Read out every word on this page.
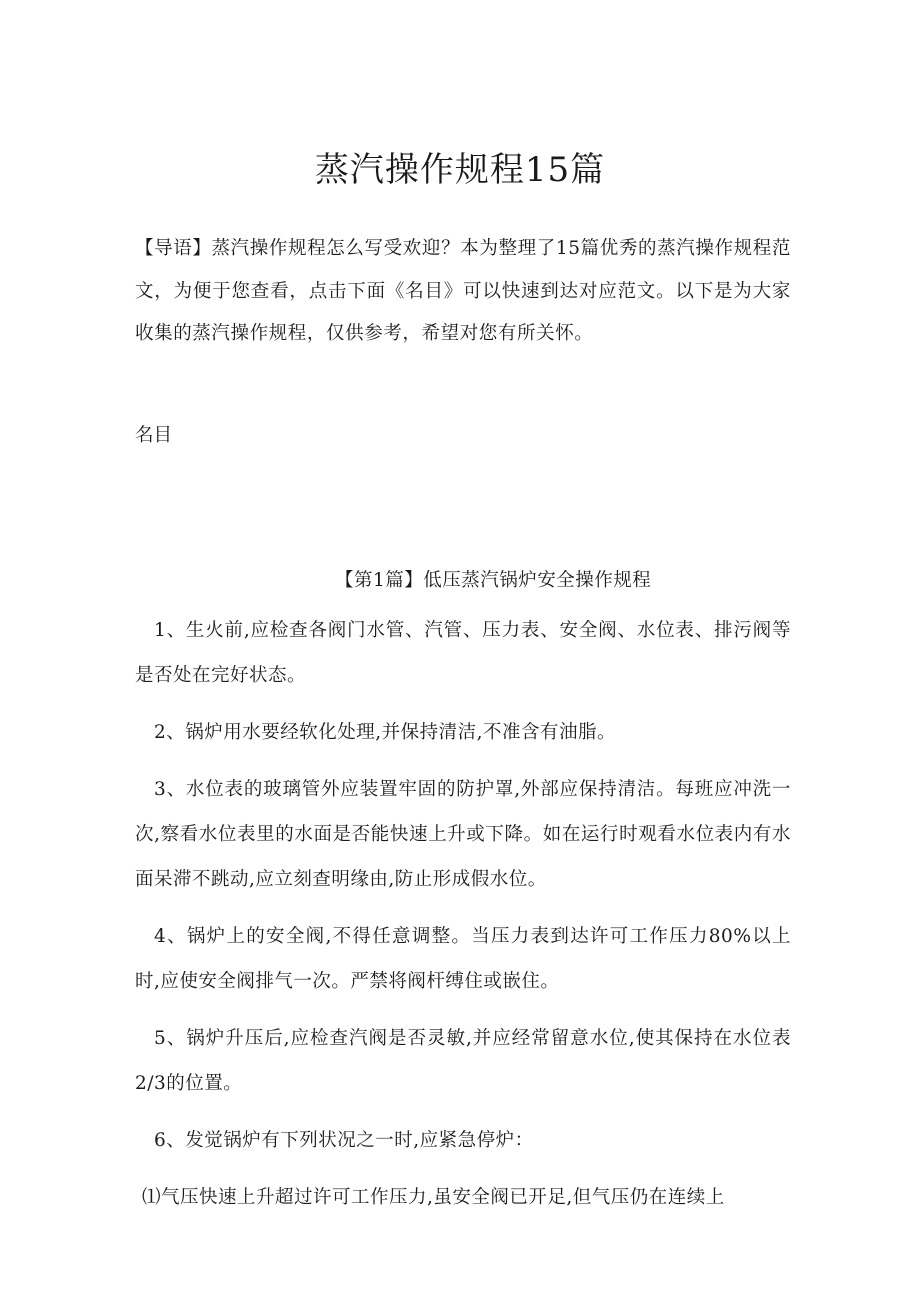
蒸汽操作规程15篇
【导语】蒸汽操作规程怎么写受欢迎？本为整理了15篇优秀的蒸汽操作规程范文，为便于您查看，点击下面《名目》可以快速到达对应范文。以下是为大家收集的蒸汽操作规程，仅供参考，希望对您有所关怀。
名目
【第1篇】低压蒸汽锅炉安全操作规程

1、生火前,应检查各阀门水管、汽管、压力表、安全阀、水位表、排污阀等是否处在完好状态。

2、锅炉用水要经软化处理,并保持清洁,不准含有油脂。

3、水位表的玻璃管外应装置牢固的防护罩,外部应保持清洁。每班应冲洗一次,察看水位表里的水面是否能快速上升或下降。如在运行时观看水位表内有水面呆滞不跳动,应立刻查明缘由,防止形成假水位。

4、锅炉上的安全阀,不得任意调整。当压力表到达许可工作压力80%以上时,应使安全阀排气一次。严禁将阀杆缚住或嵌住。

5、锅炉升压后,应检查汽阀是否灵敏,并应经常留意水位,使其保持在水位表2/3的位置。

6、发觉锅炉有下列状况之一时,应紧急停炉：

⑴气压快速上升超过许可工作压力,虽安全阀已开足,但气压仍在连续上
